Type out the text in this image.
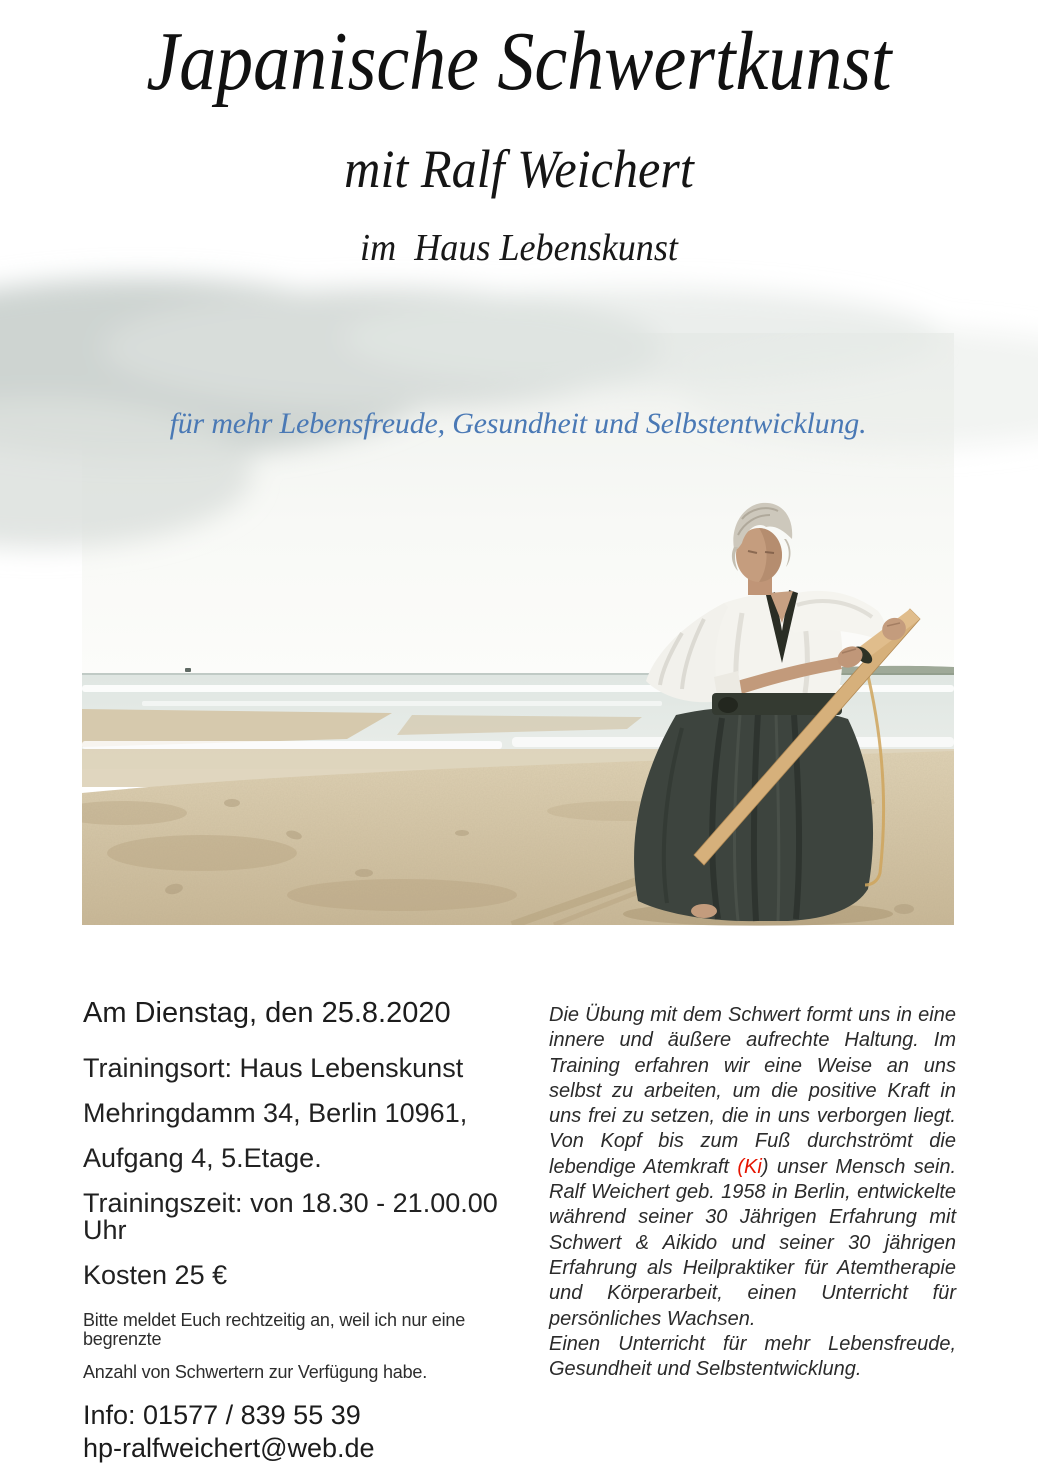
Japanische Schwertkunst
mit Ralf Weichert
im  Haus Lebenskunst
für mehr Lebensfreude, Gesundheit und Selbstentwicklung.
Am Dienstag, den 25.8.2020
Trainingsort: Haus Lebenskunst
Mehringdamm 34, Berlin 10961,
Aufgang 4, 5.Etage.
Trainingszeit: von 18.30 - 21.00.00 Uhr
Kosten 25 €
Bitte meldet Euch rechtzeitig an, weil ich nur eine begrenzte
Anzahl von Schwertern zur Verfügung habe.
Info: 01577 / 839 55 39
hp-ralfweichert@web.de

Die Übung mit dem Schwert formt uns in eine innere und äußere aufrechte Haltung. Im Training erfahren wir eine Weise an uns selbst zu arbeiten, um die positive Kraft in uns frei zu setzen, die in uns verborgen liegt. Von Kopf bis zum Fuß durchströmt die lebendige Atemkraft (Ki) unser Mensch sein. Ralf Weichert geb. 1958 in Berlin, entwickelte während seiner 30 Jährigen Erfahrung mit Schwert & Aikido und seiner 30 jährigen Erfahrung als Heilpraktiker für Atemtherapie und Körperarbeit, einen Unterricht für persönliches Wachsen.

Einen Unterricht für mehr Lebensfreude, Gesundheit und Selbstentwicklung.
